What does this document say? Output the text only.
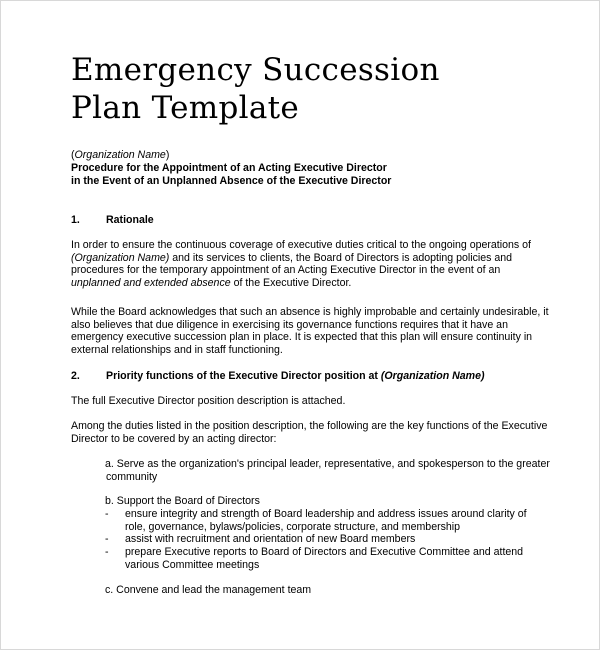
Emergency Succession
Plan Template
(Organization Name)
Procedure for the Appointment of an Acting Executive Director
in the Event of an Unplanned Absence of the Executive Director
1. Rationale
In order to ensure the continuous coverage of executive duties critical to the ongoing operations of
(Organization Name) and its services to clients, the Board of Directors is adopting policies and
procedures for the temporary appointment of an Acting Executive Director in the event of an
unplanned and extended absence of the Executive Director.
While the Board acknowledges that such an absence is highly improbable and certainly undesirable, it
also believes that due diligence in exercising its governance functions requires that it have an
emergency executive succession plan in place. It is expected that this plan will ensure continuity in
external relationships and in staff functioning.
2. Priority functions of the Executive Director position at (Organization Name)
The full Executive Director position description is attached.
Among the duties listed in the position description, the following are the key functions of the Executive
Director to be covered by an acting director:
a. Serve as the organization's principal leader, representative, and spokesperson to the greater
community
b. Support the Board of Directors
- ensure integrity and strength of Board leadership and address issues around clarity of
role, governance, bylaws/policies, corporate structure, and membership
- assist with recruitment and orientation of new Board members
- prepare Executive reports to Board of Directors and Executive Committee and attend
various Committee meetings
c. Convene and lead the management team
